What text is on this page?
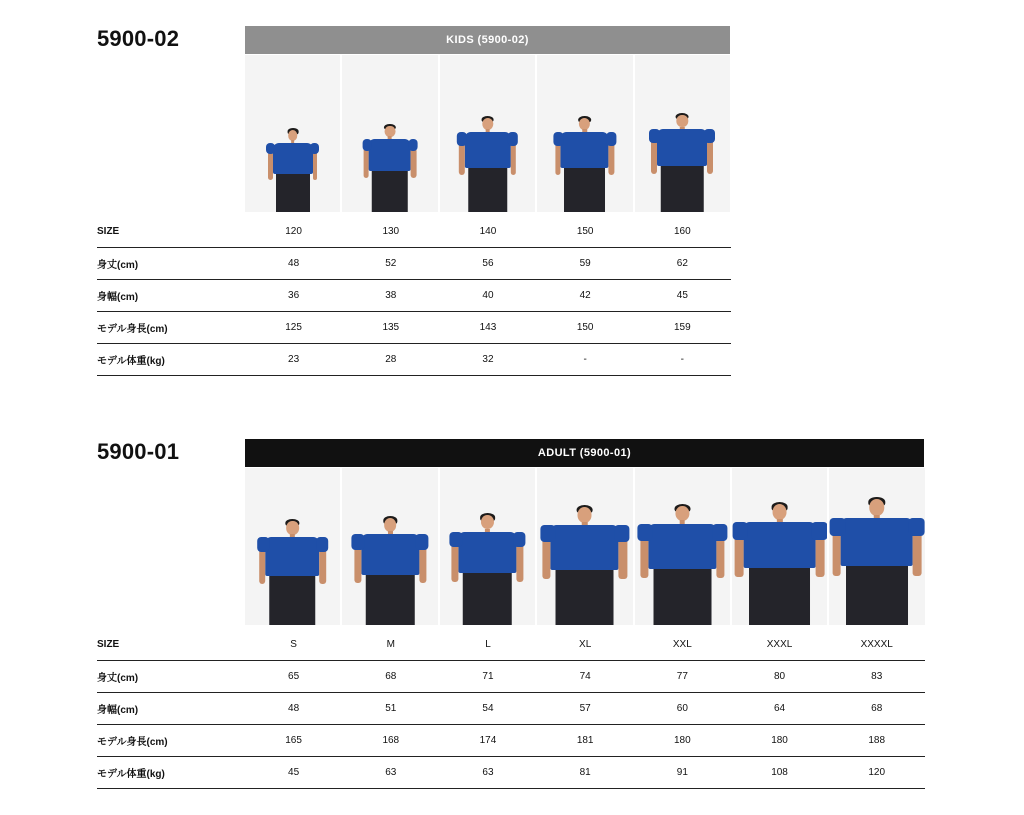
5900-02	KIDS (5900-02)
SIZE	120	130	140	150	160
身丈(cm)	48	52	56	59	62
身幅(cm)	36	38	40	42	45
モデル身長(cm)	125	135	143	150	159
モデル体重(kg)	23	28	32	-	-
5900-01	ADULT (5900-01)
SIZE	S	M	L	XL	XXL	XXXL	XXXXL
身丈(cm)	65	68	71	74	77	80	83
身幅(cm)	48	51	54	57	60	64	68
モデル身長(cm)	165	168	174	181	180	180	188
モデル体重(kg)	45	63	63	81	91	108	120
